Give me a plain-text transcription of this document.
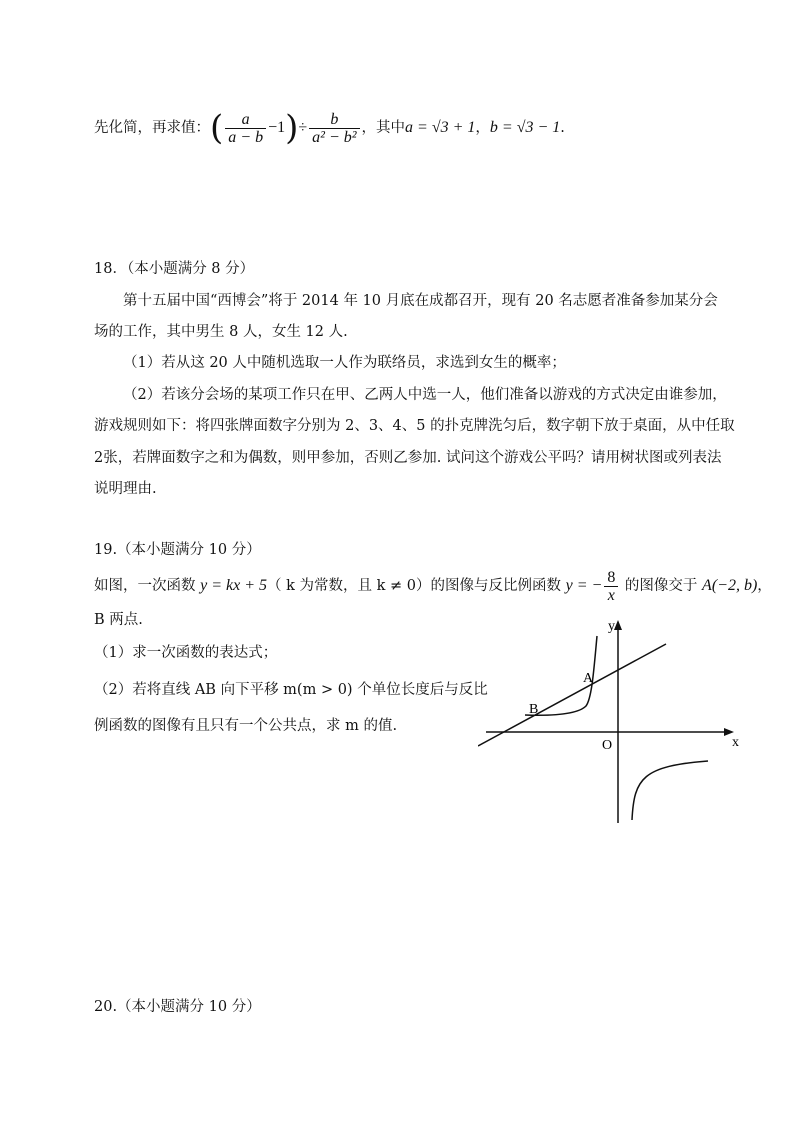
先化简，再求值：( $\frac{a}{a - b} -1)\div \frac{b}{\text{a² − b²}}$ ，其中a = √3 + 1，b = √3 − 1.
18．（本小题满分 8 分）
第十五届中国“西博会”将于 2014 年 10 月底在成都召开，现有 20 名志愿者准备参加某分会
场的工作，其中男生 8 人，女生 12 人.
（1）若从这 20 人中随机选取一人作为联络员，求选到女生的概率；
（2）若该分会场的某项工作只在甲、乙两人中选一人，他们准备以游戏的方式决定由谁参加，
游戏规则如下：将四张牌面数字分别为 2、3、4、5 的扑克牌洗匀后，数字朝下放于桌面，从中任取
2张，若牌面数字之和为偶数，则甲参加，否则乙参加. 试问这个游戏公平吗？请用树状图或列表法
说明理由.
19.（本小题满分 10 分）
如图，一次函数 y = kx + 5（ k 为常数，且 k ≠ 0）的图像与反比例函数 y = − $\frac{8}{x}$ 的图像交于 A(−2, b)，
B 两点.
（1）求一次函数的表达式；
（2）若将直线 AB 向下平移 m(m > 0) 个单位长度后与反比
例函数的图像有且只有一个公共点，求 m 的值.
y
x
O
A
B
20.（本小题满分 10 分）
